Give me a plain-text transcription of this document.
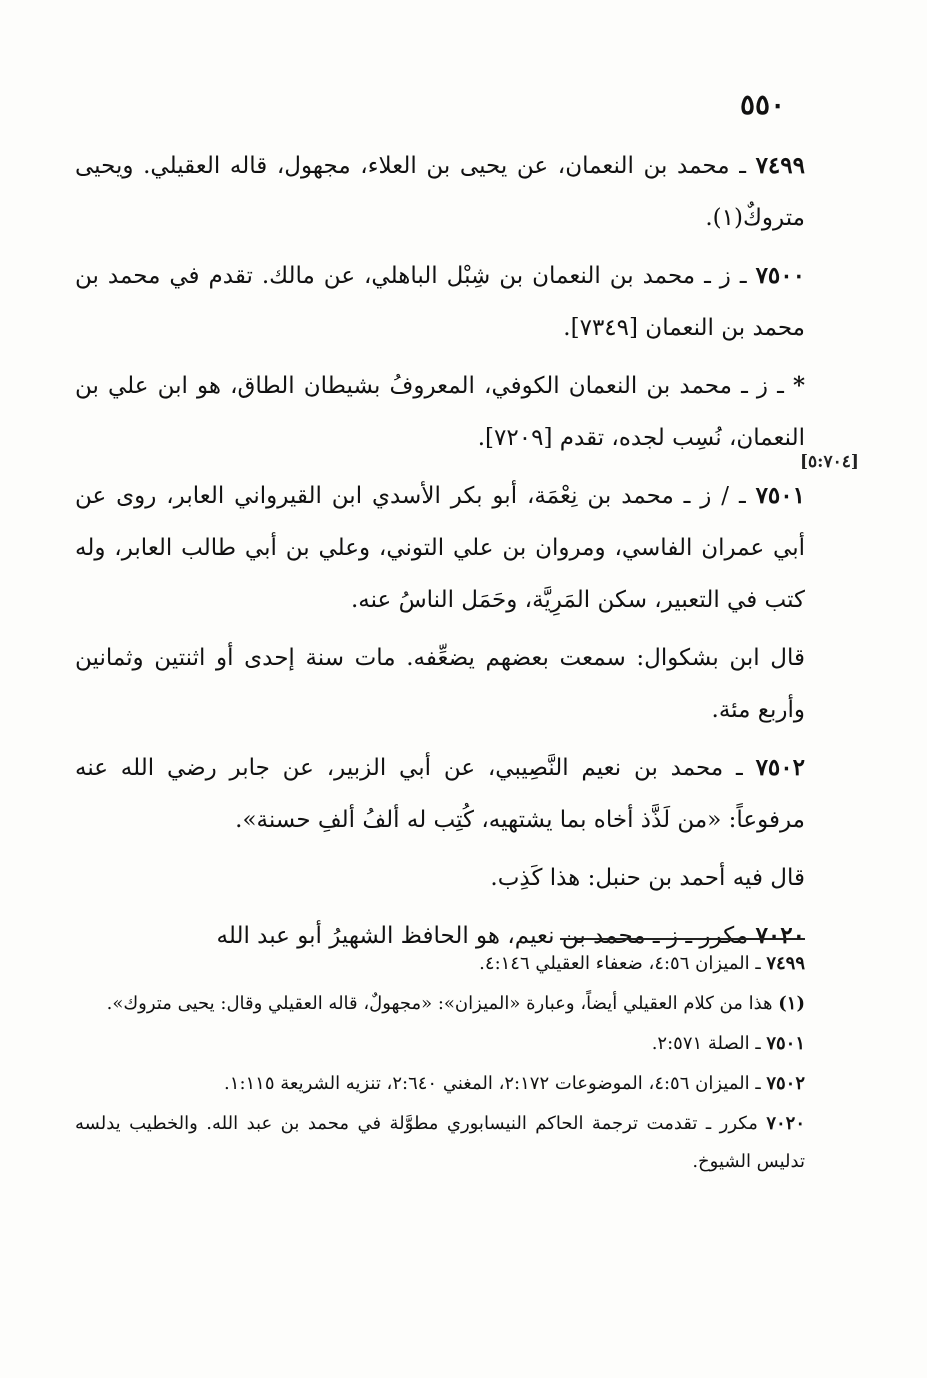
٥٥٠
[٥:٧٠٤]

٧٤٩٩ ـ محمد بن النعمان، عن يحيى بن العلاء، مجهول، قاله العقيلي. ويحيى متروكٌ(١).

٧٥٠٠ ـ ز ـ محمد بن النعمان بن شِبْل الباهلي، عن مالك. تقدم في محمد بن محمد بن النعمان [٧٣٤٩].

* ـ ز ـ محمد بن النعمان الكوفي، المعروفُ بشيطان الطاق، هو ابن علي بن النعمان، نُسِب لجده، تقدم [٧٢٠٩].

٧٥٠١ ـ / ز ـ محمد بن نِعْمَة، أبو بكر الأسدي ابن القيرواني العابر، روى عن أبي عمران الفاسي، ومروان بن علي التوني، وعلي بن أبي طالب العابر، وله كتب في التعبير، سكن المَرِيَّة، وحَمَل الناسُ عنه.

قال ابن بشكوال: سمعت بعضهم يضعِّفه. مات سنة إحدى أو اثنتين وثمانين وأربع مئة.

٧٥٠٢ ـ محمد بن نعيم النَّصِيبي، عن أبي الزبير، عن جابر رضي الله عنه مرفوعاً: «من لَذَّذ أخاه بما يشتهيه، كُتِب له ألفُ ألفِ حسنة».

قال فيه أحمد بن حنبل: هذا كَذِب.

٧٠٢٠ مكرر ـ ز ـ محمد بن نعيم، هو الحافظ الشهيرُ أبو عبد الله

٧٤٩٩ ـ الميزان ٤:٥٦، ضعفاء العقيلي ٤:١٤٦.

(١) هذا من كلام العقيلي أيضاً، وعبارة «الميزان»: «مجهولٌ، قاله العقيلي وقال: يحيى متروك».

٧٥٠١ ـ الصلة ٢:٥٧١.

٧٥٠٢ ـ الميزان ٤:٥٦، الموضوعات ٢:١٧٢، المغني ٢:٦٤٠، تنزيه الشريعة ١:١١٥.

٧٠٢٠ مكرر ـ تقدمت ترجمة الحاكم النيسابوري مطوَّلة في محمد بن عبد الله. والخطيب يدلسه تدليس الشيوخ.
